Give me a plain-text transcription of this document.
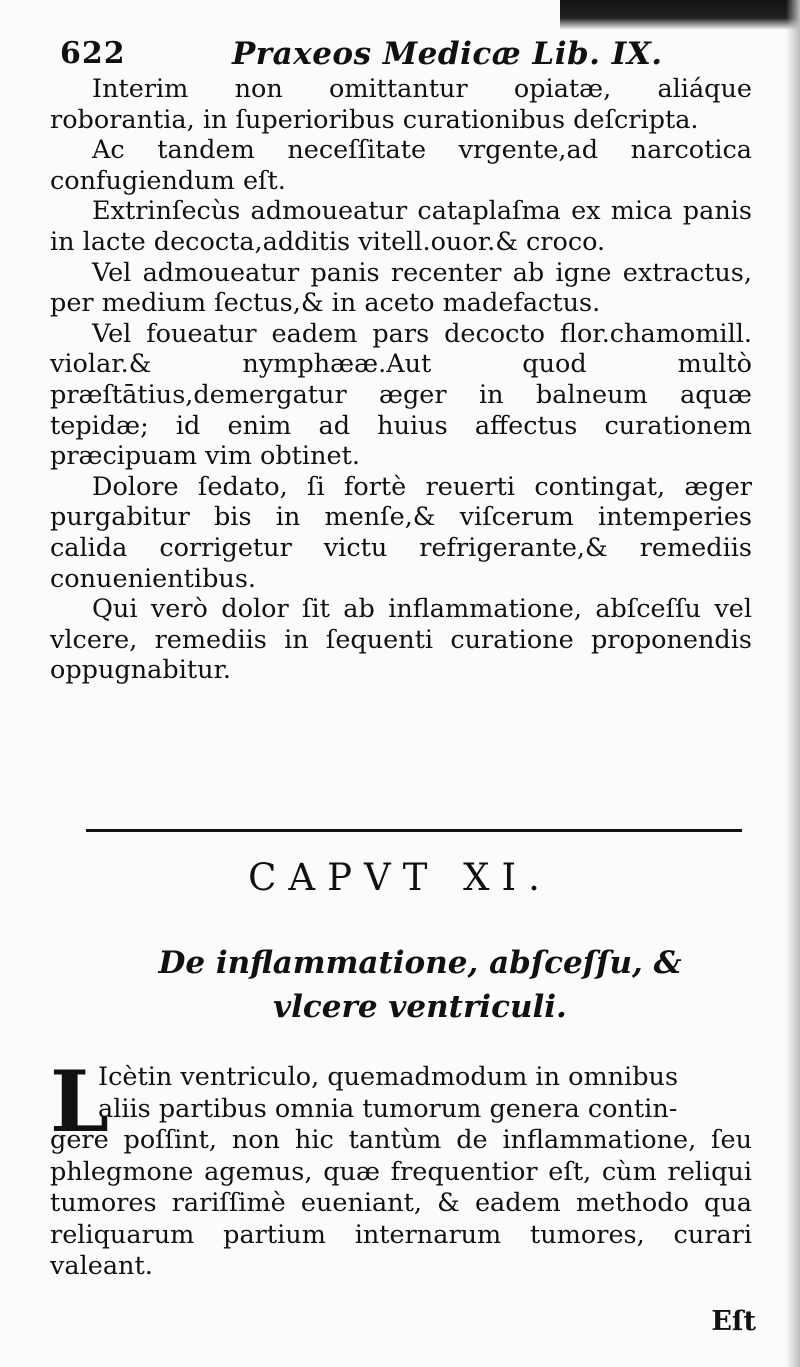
622	Praxeos Medicæ Lib. IX.

Interim non omittantur opiatæ, aliáque roborantia, in ſuperioribus curationibus deſcripta.

Ac tandem neceſſitate vrgente,ad narcotica confugiendum eſt.

Extrinſecùs admoueatur cataplaſma ex mica panis in lacte decocta,additis vitell.ouor.& croco.

Vel admoueatur panis recenter ab igne extractus, per medium ſectus,& in aceto madefactus.

Vel foueatur eadem pars decocto flor.chamomill. violar.& nymphææ.Aut quod multò præſtātius,demergatur æger in balneum aquæ tepidæ; id enim ad huius affectus curationem præcipuam vim obtinet.

Dolore ſedato, ſi fortè reuerti contingat, æger purgabitur bis in menſe,& viſcerum intemperies calida corrigetur victu refrigerante,& remediis conuenientibus.

Qui verò dolor ſit ab inflammatione, abſceſſu vel vlcere, remediis in ſequenti curatione proponendis oppugnabitur.

CAPVT XI.
De inflammatione, abſceſſu, & vlcere ventriculi.
L
Icètin ventriculo, quemadmodum in omnibus
aliis partibus omnia tumorum genera contin-
gere poſſint, non hic tantùm de inflammatione, ſeu phlegmone agemus, quæ frequentior eſt, cùm reliqui tumores rariſſimè eueniant, & eadem methodo qua reliquarum partium internarum tumores, curari valeant.
Eſt
